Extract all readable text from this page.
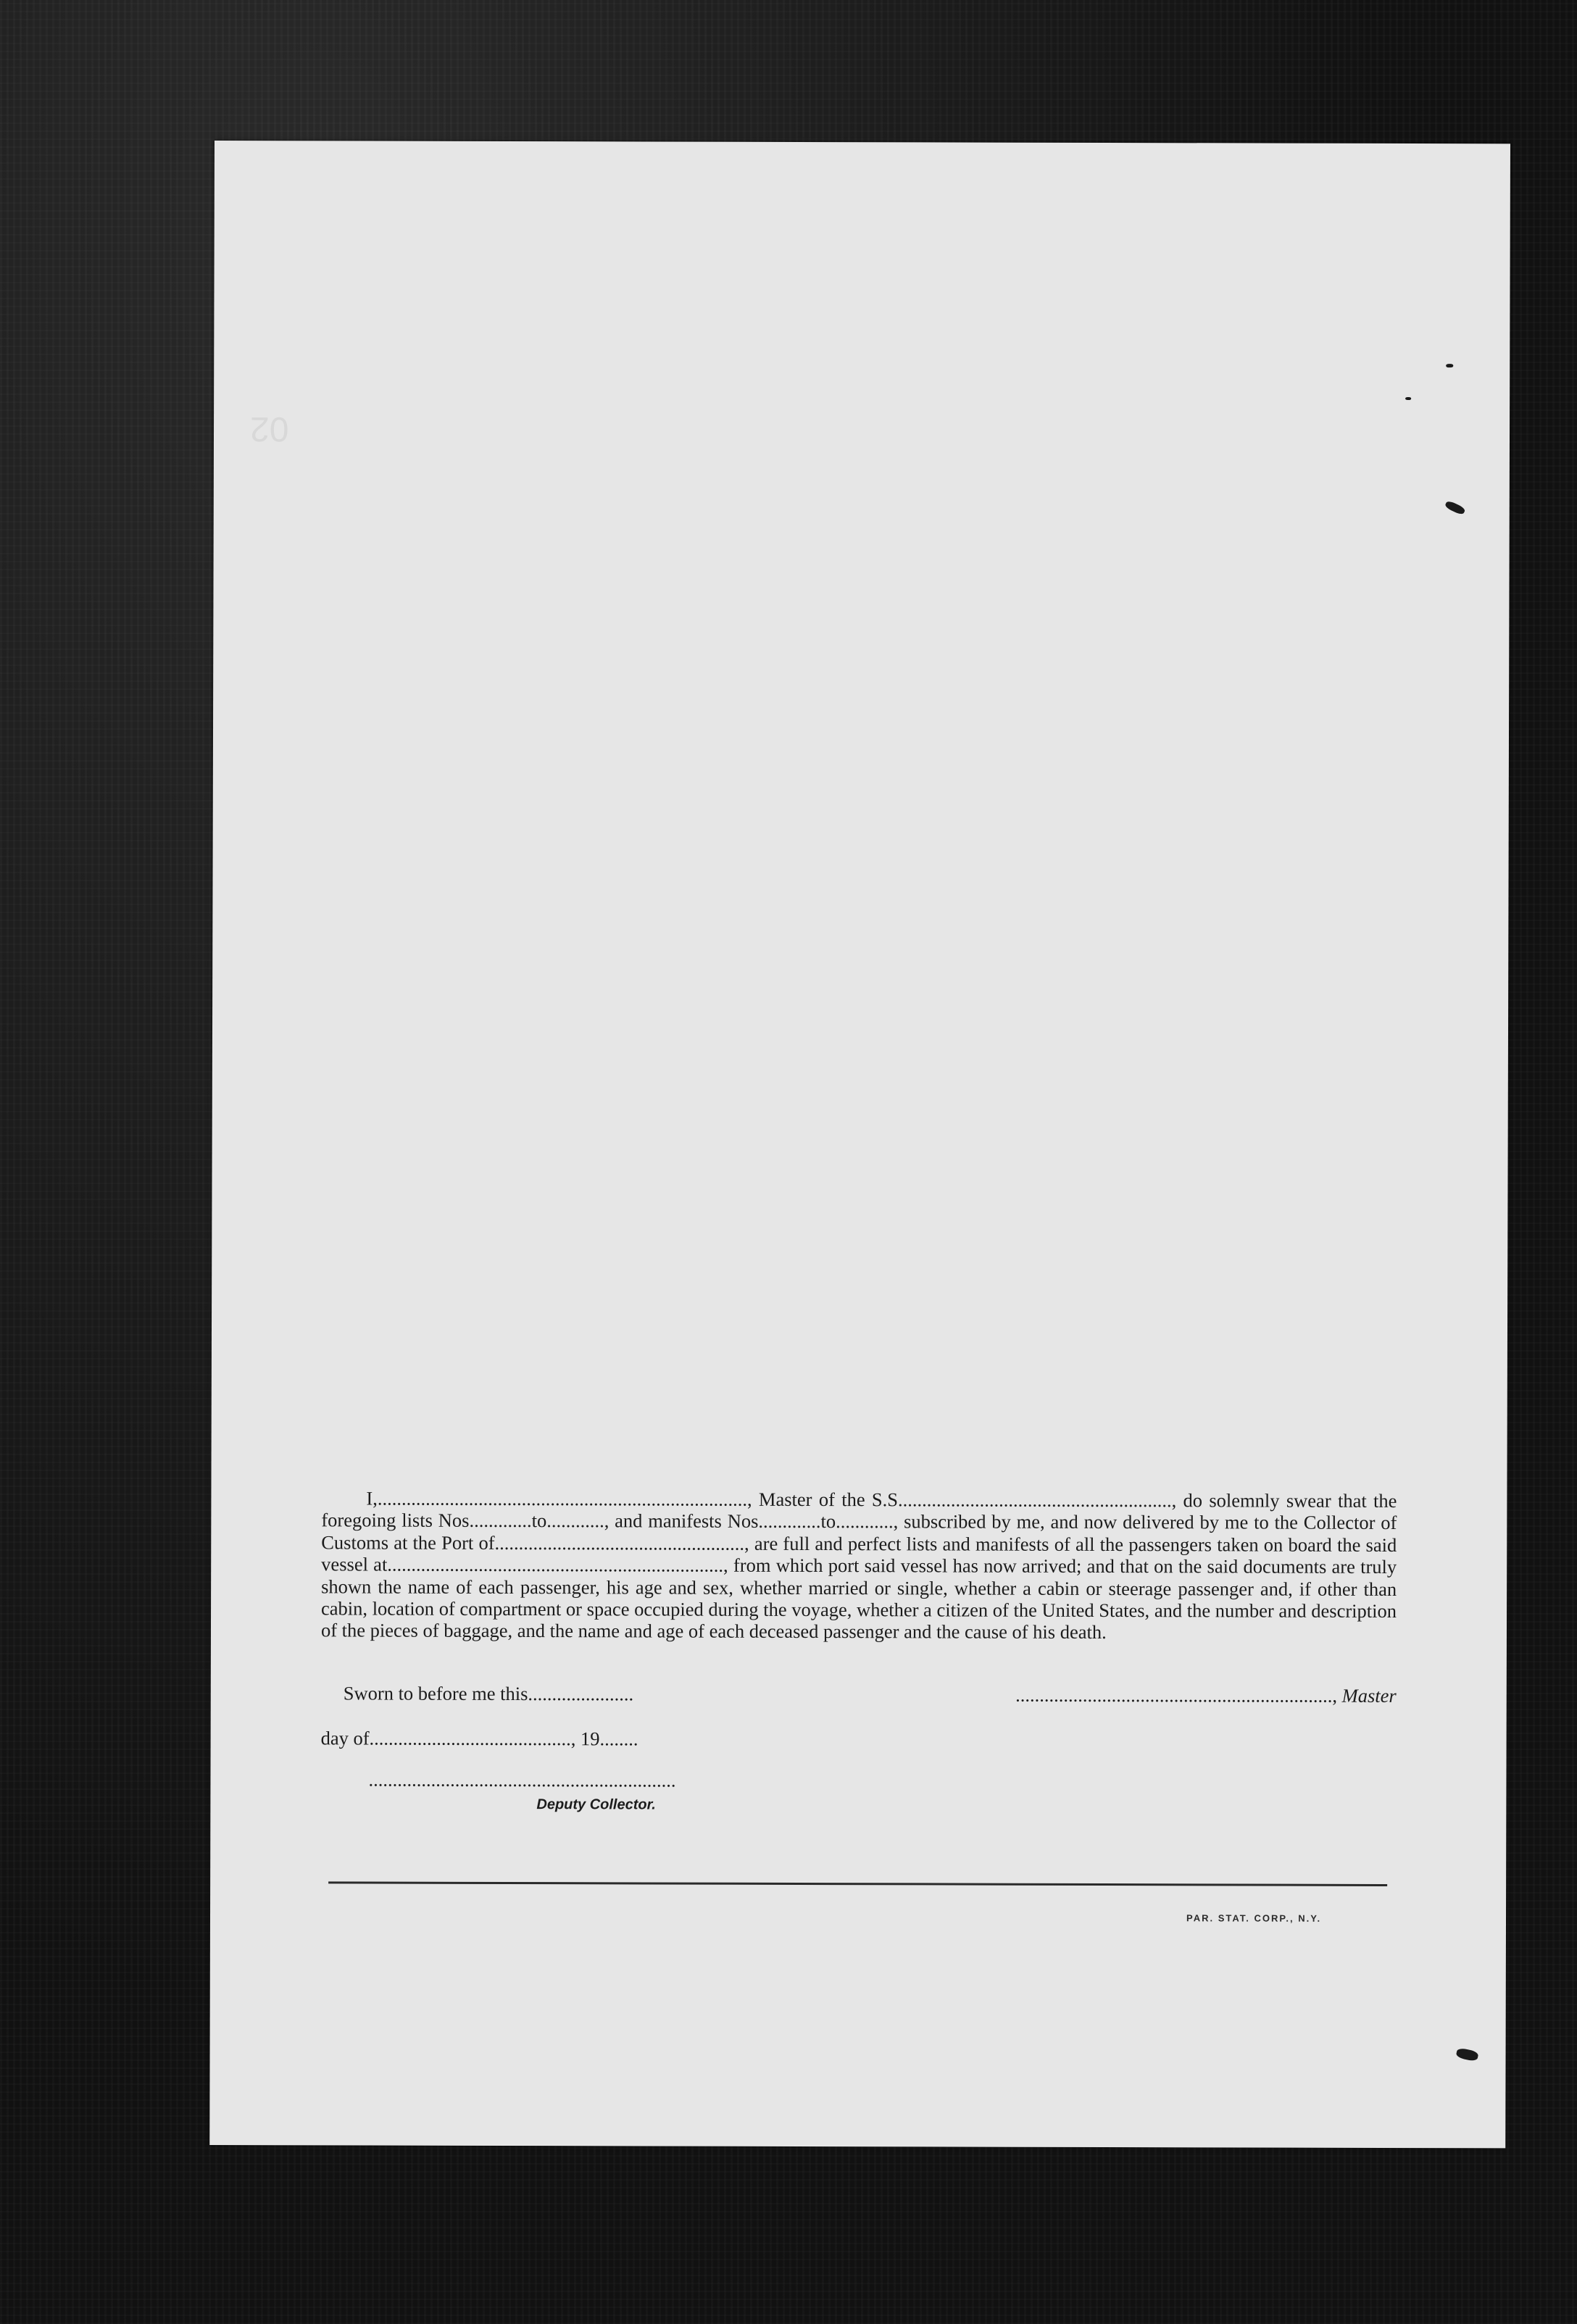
02

I,............................................................................., Master of the S.S........................................................., do solemnly swear that the foregoing lists Nos.............to............, and manifests Nos.............to............, subscribed by me, and now delivered by me to the Collector of Customs at the Port of...................................................., are full and perfect lists and manifests of all the passengers taken on board the said vessel at......................................................................, from which port said vessel has now arrived; and that on the said documents are truly shown the name of each passenger, his age and sex, whether married or single, whether a cabin or steerage passenger and, if other than cabin, location of compartment or space occupied during the voyage, whether a citizen of the United States, and the number and description of the pieces of baggage, and the name and age of each deceased passenger and the cause of his death.

Sworn to before me this......................	.................................................................., Master
day of.........................................., 19........
................................................................
Deputy Collector.
PAR. STAT. CORP., N.Y.
